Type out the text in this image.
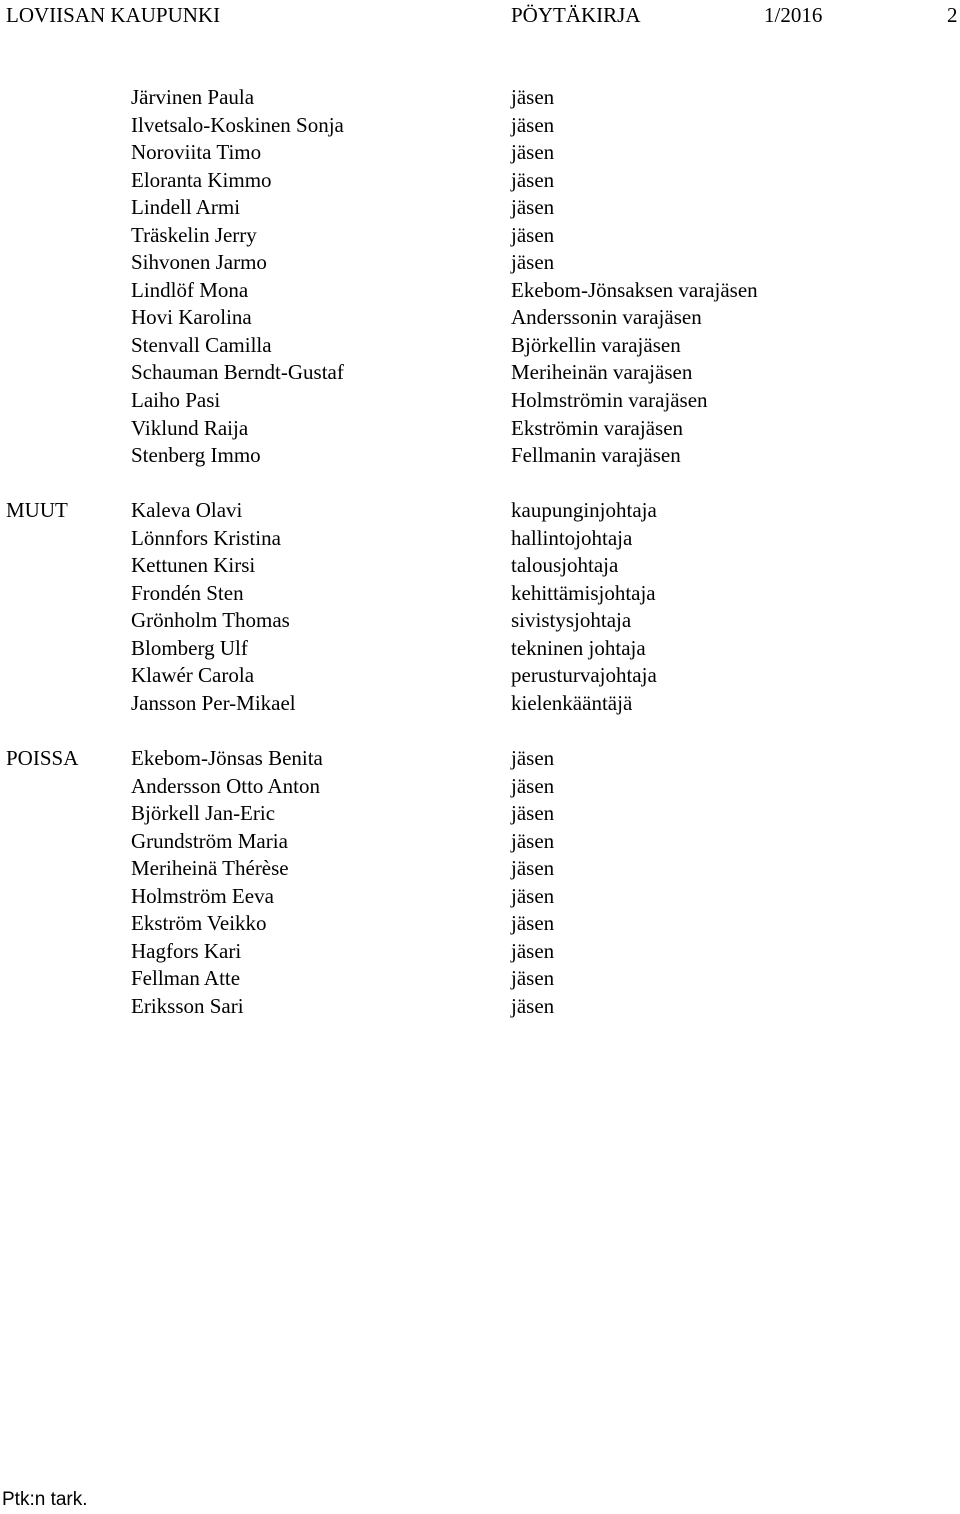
LOVIISAN KAUPUNKI	PÖYTÄKIRJA	1/2016	2
Järvinen Paula	jäsen
Ilvetsalo-Koskinen Sonja	jäsen
Noroviita Timo	jäsen
Eloranta Kimmo	jäsen
Lindell Armi	jäsen
Träskelin Jerry	jäsen
Sihvonen Jarmo	jäsen
Lindlöf Mona	Ekebom-Jönsaksen varajäsen
Hovi Karolina	Anderssonin varajäsen
Stenvall Camilla	Björkellin varajäsen
Schauman Berndt-Gustaf	Meriheinän varajäsen
Laiho Pasi	Holmströmin varajäsen
Viklund Raija	Ekströmin varajäsen
Stenberg Immo	Fellmanin varajäsen
MUUT	Kaleva Olavi	kaupunginjohtaja
Lönnfors Kristina	hallintojohtaja
Kettunen Kirsi	talousjohtaja
Frondén Sten	kehittämisjohtaja
Grönholm Thomas	sivistysjohtaja
Blomberg Ulf	tekninen johtaja
Klawér Carola	perusturvajohtaja
Jansson Per-Mikael	kielenkääntäjä
POISSA	Ekebom-Jönsas Benita	jäsen
Andersson Otto Anton	jäsen
Björkell Jan-Eric	jäsen
Grundström Maria	jäsen
Meriheinä Thérèse	jäsen
Holmström Eeva	jäsen
Ekström Veikko	jäsen
Hagfors Kari	jäsen
Fellman Atte	jäsen
Eriksson Sari	jäsen
Ptk:n tark.
